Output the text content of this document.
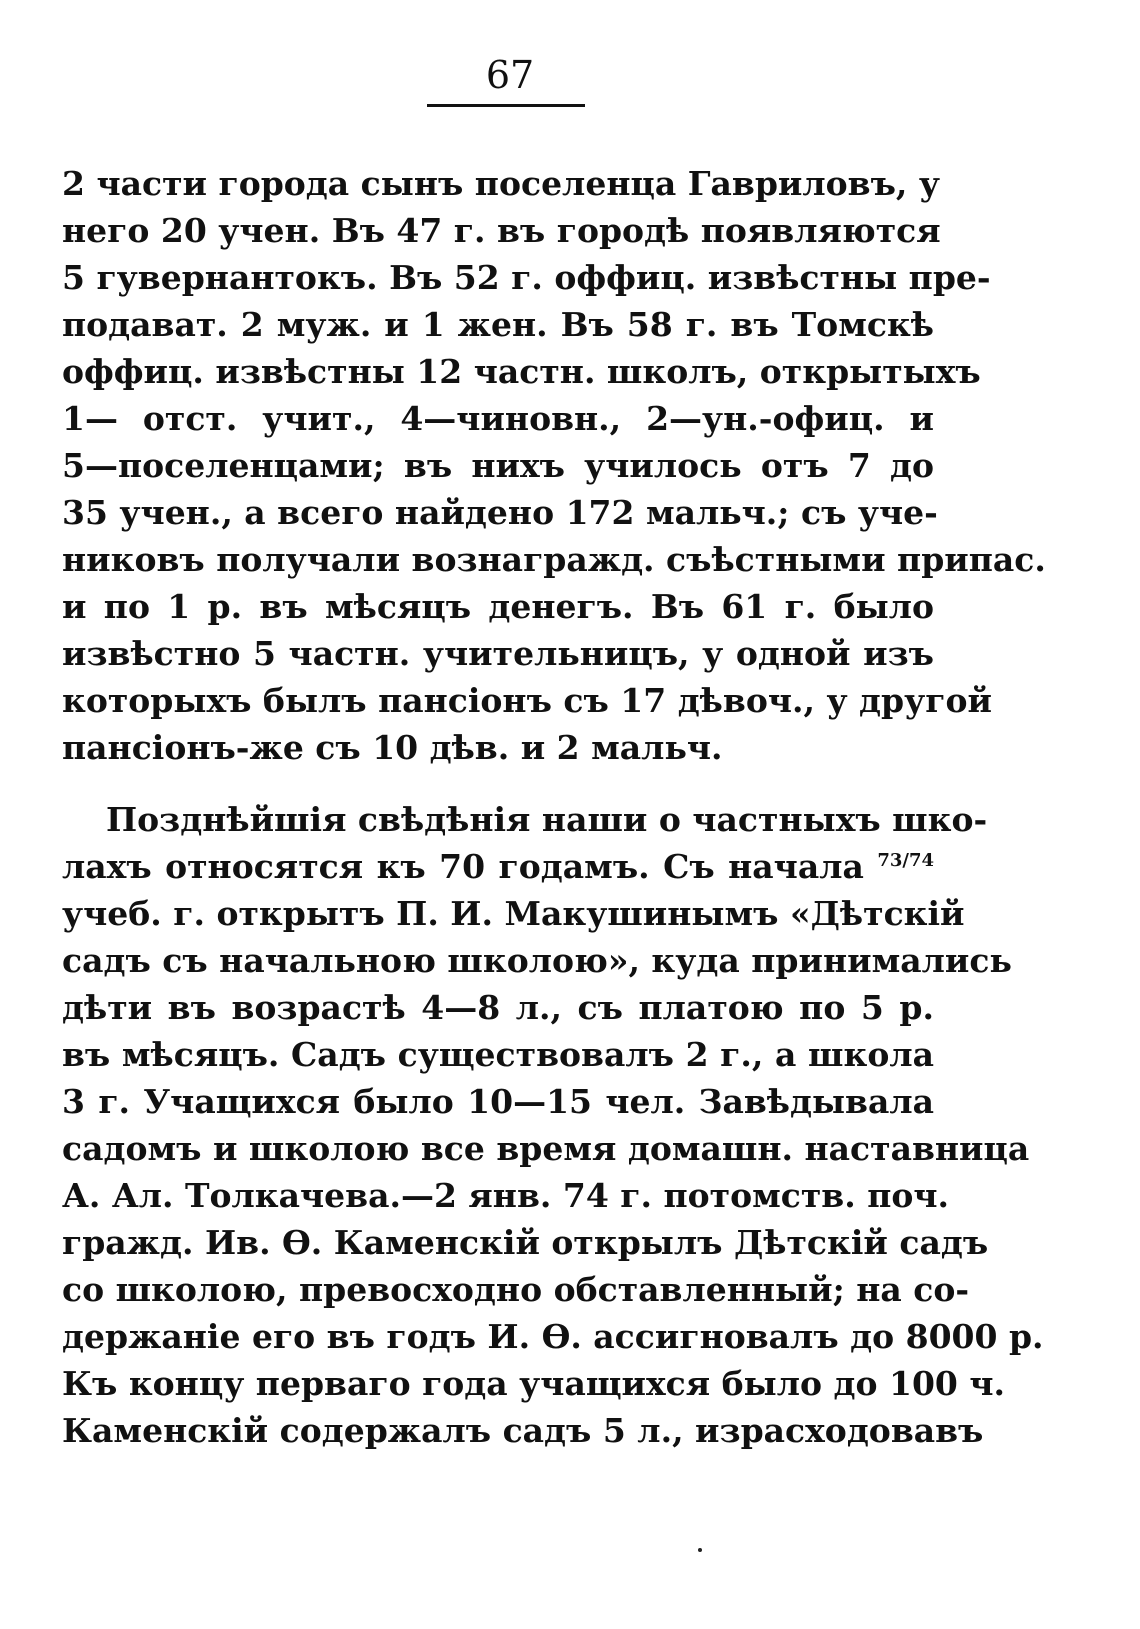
67
2 части города сынъ поселенца Гавриловъ, у
него 20 учен. Въ 47 г. въ городѣ появляются
5 гувернантокъ. Въ 52 г. оффиц. извѣстны пре-
подават. 2 муж. и 1 жен. Въ 58 г. въ Томскѣ
оффиц. извѣстны 12 частн. школъ, открытыхъ
1— отст. учит., 4—чиновн., 2—ун.-офиц. и
5—поселенцами; въ нихъ училось отъ 7 до
35 учен., а всего найдено 172 мальч.; съ уче-
никовъ получали вознагражд. съѣстными припас.
и по 1 р. въ мѣсяцъ денегъ. Въ 61 г. было
извѣстно 5 частн. учительницъ, у одной изъ
которыхъ былъ пансіонъ съ 17 дѣвоч., у другой
пансіонъ-же съ 10 дѣв. и 2 мальч.
Позднѣйшія свѣдѣнія наши о частныхъ шко-
лахъ относятся къ 70 годамъ. Съ начала $^{73/74}$
учеб. г. открытъ П. И. Макушинымъ «Дѣтскій
садъ съ начальною школою», куда принимались
дѣти въ возрастѣ 4—8 л., съ платою по 5 р.
въ мѣсяцъ. Садъ существовалъ 2 г., а школа
3 г. Учащихся было 10—15 чел. Завѣдывала
садомъ и школою все время домашн. наставница
А. Ал. Толкачева.—2 янв. 74 г. потомств. поч.
гражд. Ив. Ѳ. Каменскій открылъ Дѣтскій садъ
со школою, превосходно обставленный; на со-
держаніе его въ годъ И. Ѳ. ассигновалъ до 8000 р.
Къ концу перваго года учащихся было до 100 ч.
Каменскій содержалъ садъ 5 л., израсходовавъ
